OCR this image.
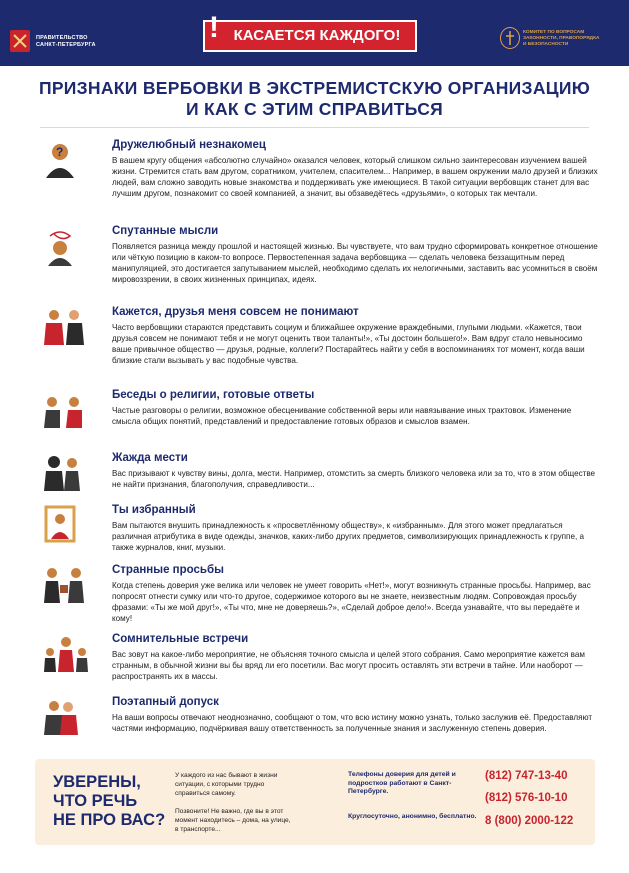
ПРАВИТЕЛЬСТВО
САНКТ-ПЕТЕРБУРГА
КАСАЕТСЯ КАЖДОГО!
!	КОМИТЕТ ПО ВОПРОСАМ
ЗАКОННОСТИ, ПРАВОПОРЯДКА
И БЕЗОПАСНОСТИ
ПРИЗНАКИ ВЕРБОВКИ В ЭКСТРЕМИСТСКУЮ ОРГАНИЗАЦИЮ
И КАК С ЭТИМ СПРАВИТЬСЯ
?	Дружелюбный незнакомец
В вашем кругу общения «абсолютно случайно» оказался человек, который слишком сильно заинтересован изучением вашей жизни. Стремится стать вам другом, соратником, учителем, спасителем... Например, в вашем окружении мало друзей и близких людей, вам сложно заводить новые знакомства и поддерживать уже имеющиеся. В такой ситуации вербовщик станет для вас лучшим другом, познакомит со своей компанией, а значит, вы обзаведётесь «друзьями», о которых так мечтали.
Спутанные мысли
Появляется разница между прошлой и настоящей жизнью. Вы чувствуете, что вам трудно сформировать конкретное отношение или чёткую позицию в каком-то вопросе. Первостепенная задача вербовщика — сделать человека беззащитным перед манипуляцией, это достигается запутыванием мыслей, необходимо сделать их нелогичными, заставить вас усомниться в своём мировоззрении, в своих жизненных принципах, идеях.
Кажется, друзья меня совсем не понимают
Часто вербовщики стараются представить социум и ближайшее окружение враждебными, глупыми людьми. «Кажется, твои друзья совсем не понимают тебя и не могут оценить твои таланты!», «Ты достоин большего!». Вам вдруг стало невыносимо ваше привычное общество — друзья, родные, коллеги? Постарайтесь найти у себя в воспоминаниях тот момент, когда ваши близкие стали вызывать у вас подобные чувства.
Беседы о религии, готовые ответы
Частые разговоры о религии, возможное обесценивание собственной веры или навязывание иных трактовок. Изменение смысла общих понятий, представлений и предоставление готовых образов и смыслов взамен.
Жажда мести
Вас призывают к чувству вины, долга, мести. Например, отомстить за смерть близкого человека или за то, что в этом обществе не найти признания, благополучия, справедливости...
Ты избранный
Вам пытаются внушить принадлежность к «просветлённому обществу», к «избранным». Для этого может предлагаться различная атрибутика в виде одежды, значков, каких-либо других предметов, символизирующих принадлежность к группе, а также журналов, книг, музыки.
Странные просьбы
Когда степень доверия уже велика или человек не умеет говорить «Нет!», могут возникнуть странные просьбы. Например, вас попросят отнести сумку или что-то другое, содержимое которого вы не знаете, неизвестным людям. Сопровождая просьбу фразами: «Ты же мой друг!», «Ты что, мне не доверяешь?», «Сделай доброе дело!». Всегда узнавайте, что вы передаёте и кому!
Сомнительные встречи
Вас зовут на какое-либо мероприятие, не объясняя точного смысла и целей этого собрания. Само мероприятие кажется вам странным, в обычной жизни вы бы вряд ли его посетили. Вас могут просить оставлять эти встречи в тайне. Или наоборот — распространять их в массы.
Поэтапный допуск
На ваши вопросы отвечают неоднозначно, сообщают о том, что всю истину можно узнать, только заслужив её. Предоставляют частями информацию, подчёркивая вашу ответственность за полученные знания и заслуженную степень доверия.
УВЕРЕНЫ,
ЧТО РЕЧЬ
НЕ ПРО ВАС?
У каждого из нас бывают в жизни ситуации, с которыми трудно справиться самому.
Позвоните! Не важно, где вы в этот момент находитесь – дома, на улице, в транспорте...
Телефоны доверия для детей и подростков работают в Санкт-Петербурге.
Круглосуточно, анонимно, бесплатно.
(812) 747-13-40
(812) 576-10-10
8 (800) 2000-122
